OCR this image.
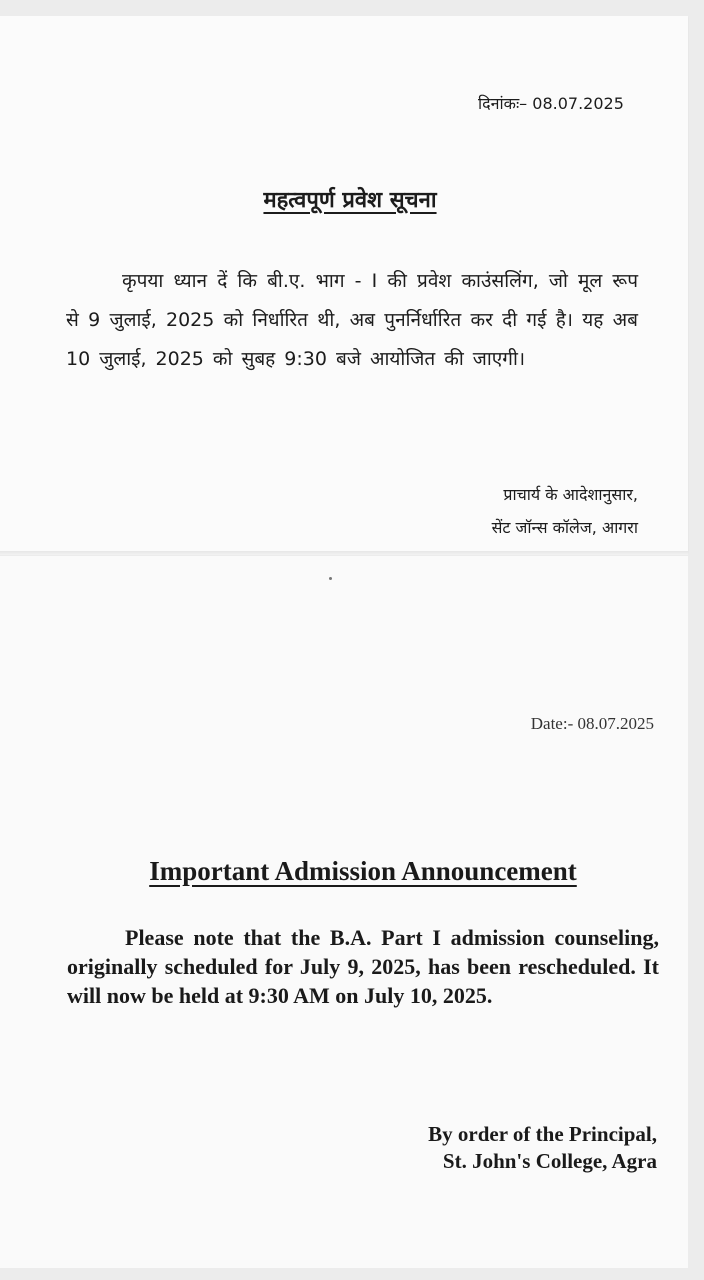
दिनांकः– 08.07.2025
महत्वपूर्ण प्रवेश सूचना
कृपया ध्यान दें कि बी.ए. भाग - I की प्रवेश काउंसलिंग, जो मूल रूप से 9 जुलाई, 2025 को निर्धारित थी, अब पुनर्निर्धारित कर दी गई है। यह अब 10 जुलाई, 2025 को सुबह 9:30 बजे आयोजित की जाएगी।
प्राचार्य के आदेशानुसार,
सेंट जॉन्स कॉलेज, आगरा
Date:- 08.07.2025
Important Admission Announcement
Please note that the B.A. Part I admission counseling, originally scheduled for July 9, 2025, has been rescheduled. It will now be held at 9:30 AM on July 10, 2025.
By order of the Principal,
St. John's College, Agra
